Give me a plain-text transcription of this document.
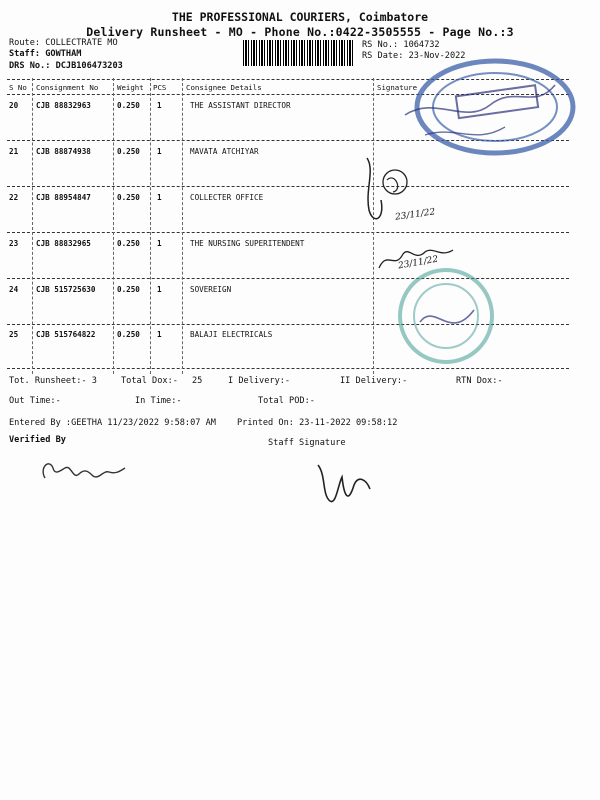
THE PROFESSIONAL COURIERS, Coimbatore
Delivery Runsheet - MO - Phone No.:0422-3505555 - Page No.:3
Route: COLLECTRATE MO
Staff: GOWTHAM
DRS No.: DCJB106473203
RS No.: 1064732
RS Date: 23-Nov-2022
S No Consignment No	Weight PCS	Consignee Details	Signature
20 CJB 88832963	0.250 1	THE ASSISTANT DIRECTOR
21 CJB 88874938	0.250 1	MAVATA ATCHIYAR
22 CJB 88954847	0.250 1	COLLECTER OFFICE
23 CJB 88832965	0.250 1	THE NURSING SUPERITENDENT
24 CJB 515725630	0.250 1	SOVEREIGN
25 CJB 515764822	0.250 1	BALAJI ELECTRICALS
23/11/22
23/11/22
Tot. Runsheet:- 3	Total Dox:- 25	I Delivery:-	II Delivery:-	RTN Dox:-
Out Time:-	In Time:-	Total POD:-
Entered By :GEETHA 11/23/2022 9:58:07 AM Printed On: 23-11-2022 09:58:12
Verified By	Staff Signature
